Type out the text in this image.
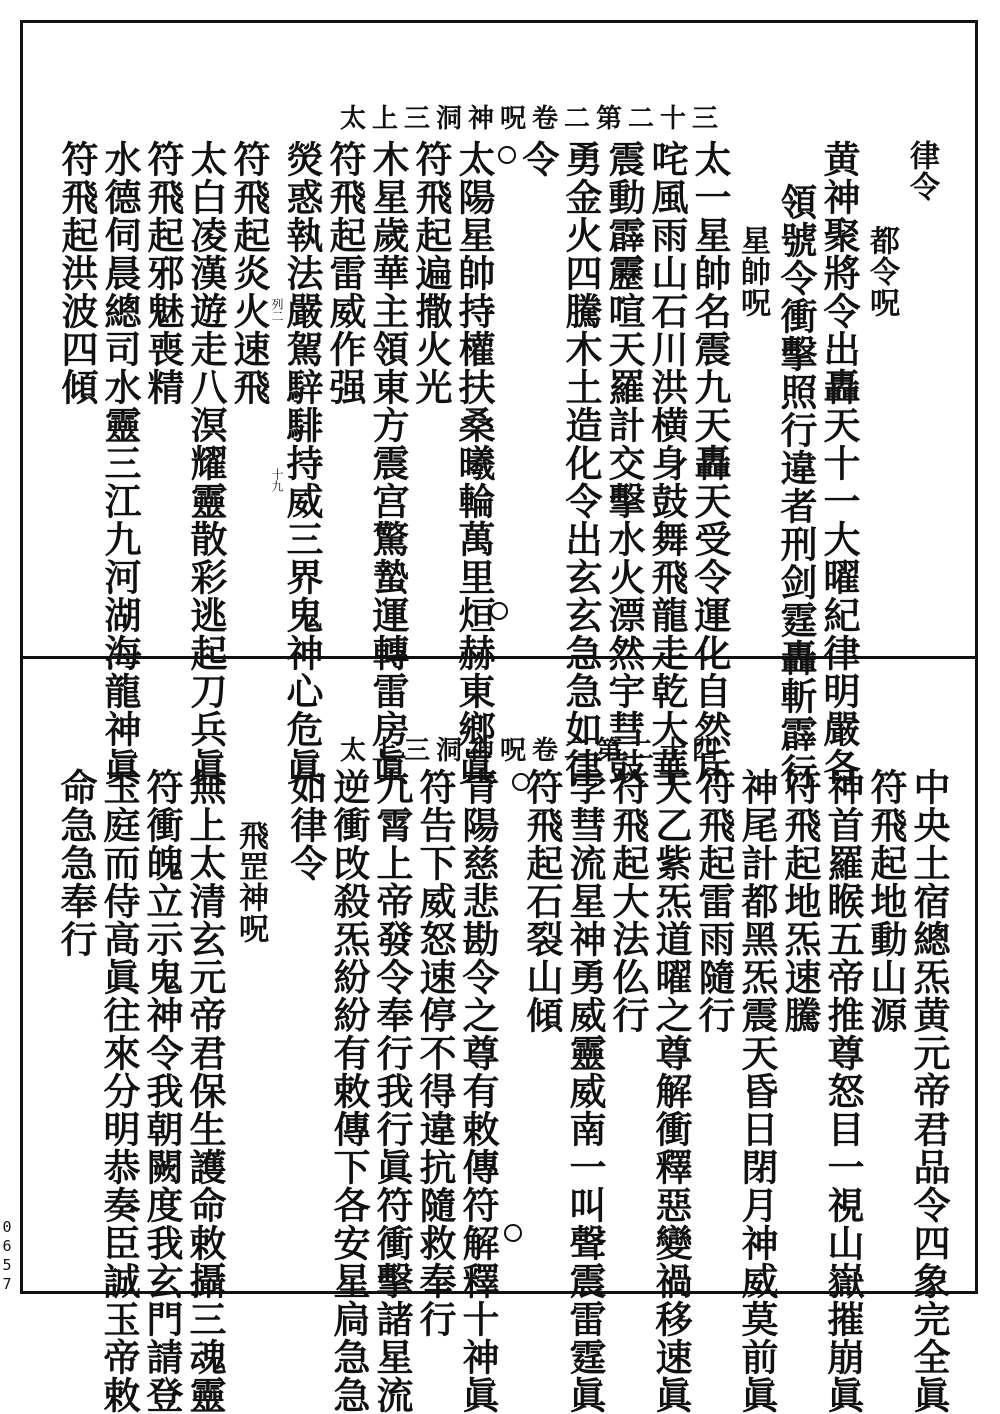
太上三洞神呪卷二第二十三
律令
都令呪
黄神聚將令出轟天十一大曜紀律明嚴各
領號令衝擊照行違者刑剑霆轟斬霹行
星帥呪
太一星帥名震九天轟天受令運化自然斥
咤風雨山石川洪横身鼓舞飛龍走乾大華
震動霹靂喧天羅計交擊水火漂然宇彗鼓
勇金火四騰木土造化令出玄玄急急如律
令
太陽星帥持權扶桑曦輪萬里烜赫東鄉眞
符飛起遍撒火光
木星歲華主領東方震宫驚蟄運轉雷房眞
符飛起雷威作强
熒惑執法嚴駕騂騑持威三界鬼神心危眞
符飛起炎火速飛
太白凌漢遊走八溟耀靈散彩逃起刀兵眞
符飛起邪魅喪精
水德伺晨總司水靈三江九河湖海龍神眞
符飛起洪波四傾	列二
十九
太上三洞神呪卷二第二十四
中央土宿總炁黄元帝君品令四象完全眞
符飛起地動山源
神首羅睺五帝推尊怒目一視山嶽摧崩眞
符飛起地炁速騰
神尾計都黑炁震天昏日閉月神威莫前眞
符飛起雷雨隨行
天乙紫炁道曜之尊解衝釋惡變禍移速眞
符飛起大法仫行
孛彗流星神勇威靈威南一叫聲震雷霆眞
符飛起石裂山傾
青陽慈悲勘令之尊有敕傳符解釋十神眞
符告下威怒速停不得違抗隨救奉行
九霄上帝發令奉行我行眞符衝擊諸星流
逆衝攺殺炁紛紛有敕傳下各安星扃急急
如律令
飛罡神呪
無上太清玄元帝君保生護命敕攝三魂靈
符衝魄立示鬼神令我朝闕度我玄門請登
玉庭而侍高眞往來分明恭奏臣誠玉帝敕
命急急奉行
0657
